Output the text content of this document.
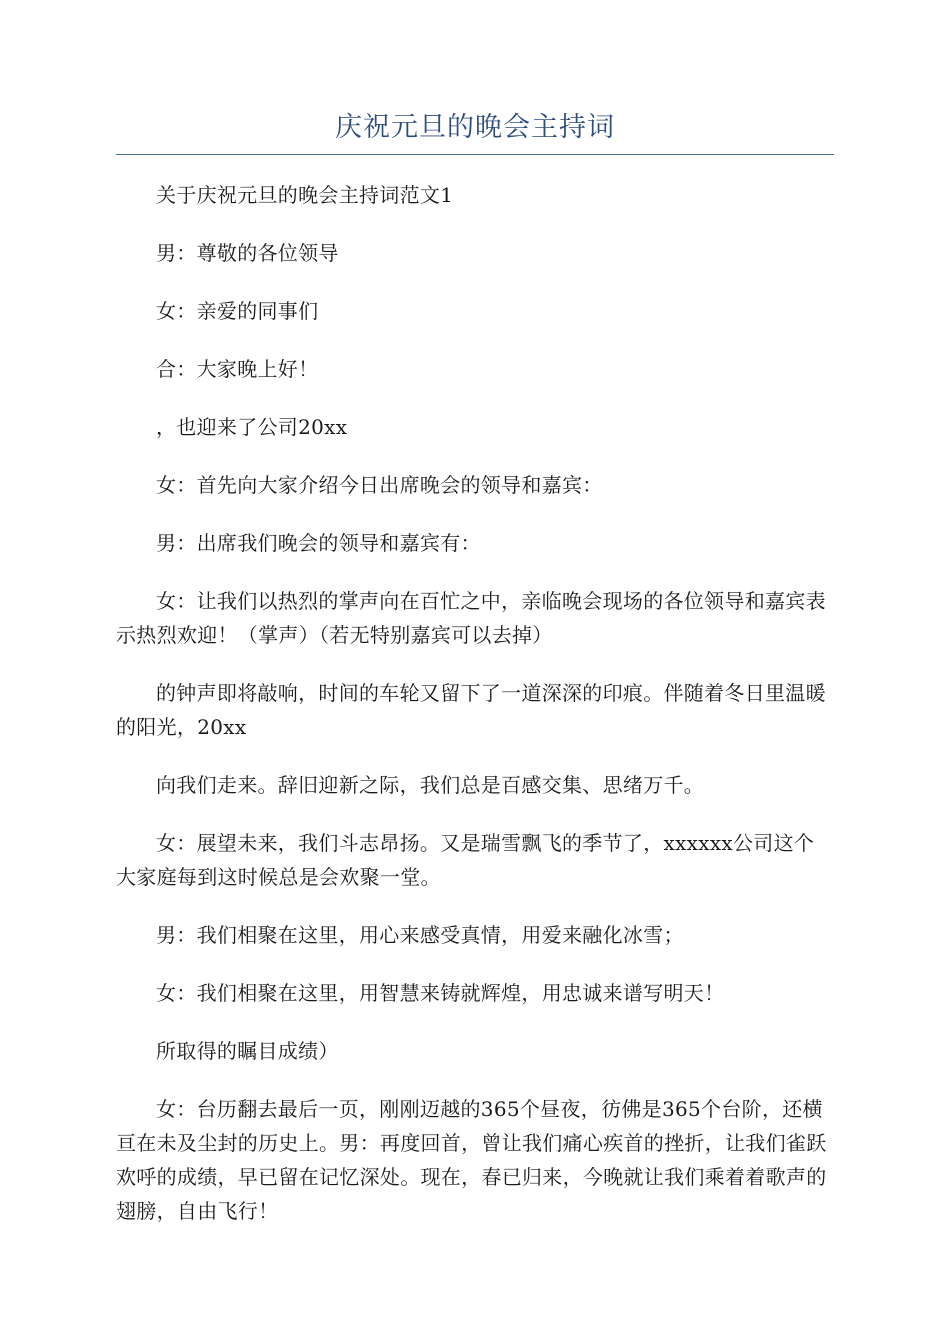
庆祝元旦的晚会主持词

关于庆祝元旦的晚会主持词范文1

男：尊敬的各位领导

女：亲爱的同事们

合：大家晚上好！

，也迎来了公司20xx

女：首先向大家介绍今日出席晚会的领导和嘉宾：

男：出席我们晚会的领导和嘉宾有：

女：让我们以热烈的掌声向在百忙之中，亲临晚会现场的各位领导和嘉宾表示热烈欢迎！（掌声）（若无特别嘉宾可以去掉）

的钟声即将敲响，时间的车轮又留下了一道深深的印痕。伴随着冬日里温暖的阳光，20xx

向我们走来。辞旧迎新之际，我们总是百感交集、思绪万千。

女：展望未来，我们斗志昂扬。又是瑞雪飘飞的季节了，xxxxxx公司这个大家庭每到这时候总是会欢聚一堂。

男：我们相聚在这里，用心来感受真情，用爱来融化冰雪；

女：我们相聚在这里，用智慧来铸就辉煌，用忠诚来谱写明天！

所取得的瞩目成绩）

女：台历翻去最后一页，刚刚迈越的365个昼夜，彷佛是365个台阶，还横亘在未及尘封的历史上。男：再度回首，曾让我们痛心疾首的挫折，让我们雀跃欢呼的成绩，早已留在记忆深处。现在，春已归来，今晚就让我们乘着着歌声的翅膀，自由飞行！
